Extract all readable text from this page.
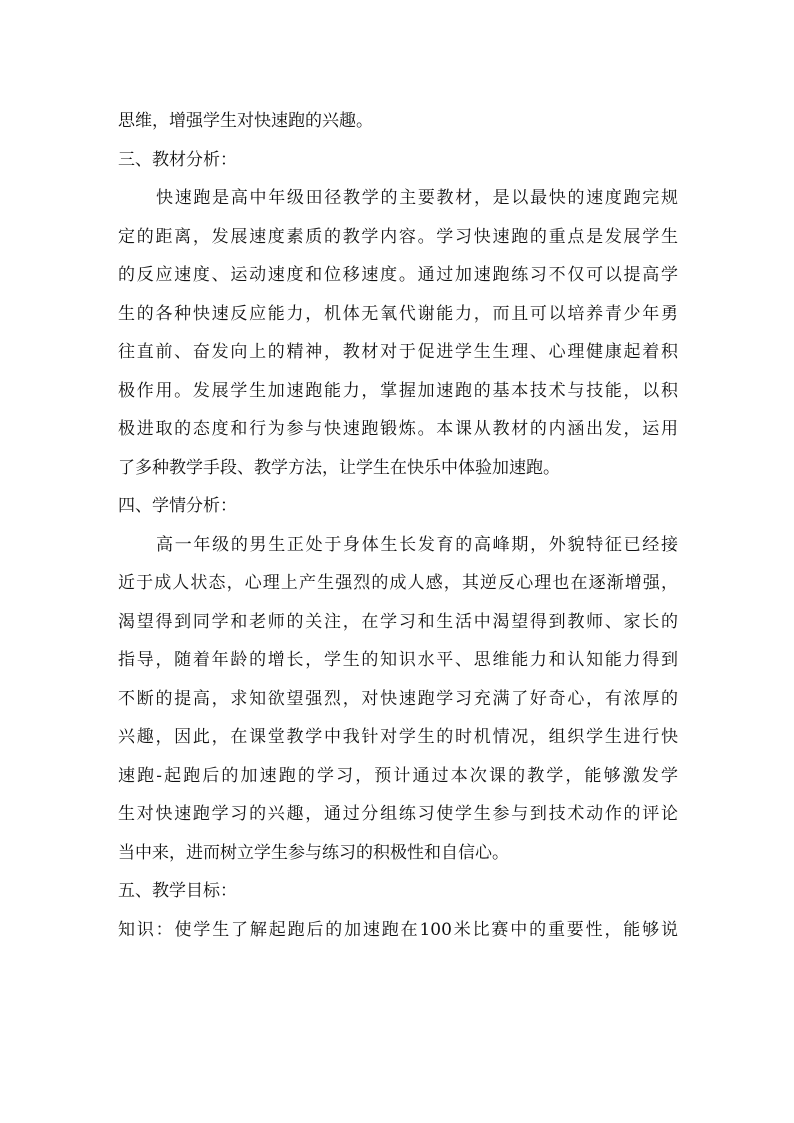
思维，增强学生对快速跑的兴趣。
三、教材分析：
快速跑是高中年级田径教学的主要教材，是以最快的速度跑完规
定的距离，发展速度素质的教学内容。学习快速跑的重点是发展学生
的反应速度、运动速度和位移速度。通过加速跑练习不仅可以提高学
生的各种快速反应能力，机体无氧代谢能力，而且可以培养青少年勇
往直前、奋发向上的精神，教材对于促进学生生理、心理健康起着积
极作用。发展学生加速跑能力，掌握加速跑的基本技术与技能，以积
极进取的态度和行为参与快速跑锻炼。本课从教材的内涵出发，运用
了多种教学手段、教学方法，让学生在快乐中体验加速跑。
四、学情分析：
高一年级的男生正处于身体生长发育的高峰期，外貌特征已经接
近于成人状态，心理上产生强烈的成人感，其逆反心理也在逐渐增强，
渴望得到同学和老师的关注，在学习和生活中渴望得到教师、家长的
指导，随着年龄的增长，学生的知识水平、思维能力和认知能力得到
不断的提高，求知欲望强烈，对快速跑学习充满了好奇心，有浓厚的
兴趣，因此，在课堂教学中我针对学生的时机情况，组织学生进行快
速跑-起跑后的加速跑的学习，预计通过本次课的教学，能够激发学
生对快速跑学习的兴趣，通过分组练习使学生参与到技术动作的评论
当中来，进而树立学生参与练习的积极性和自信心。
五、教学目标：
知识：使学生了解起跑后的加速跑在100米比赛中的重要性，能够说
